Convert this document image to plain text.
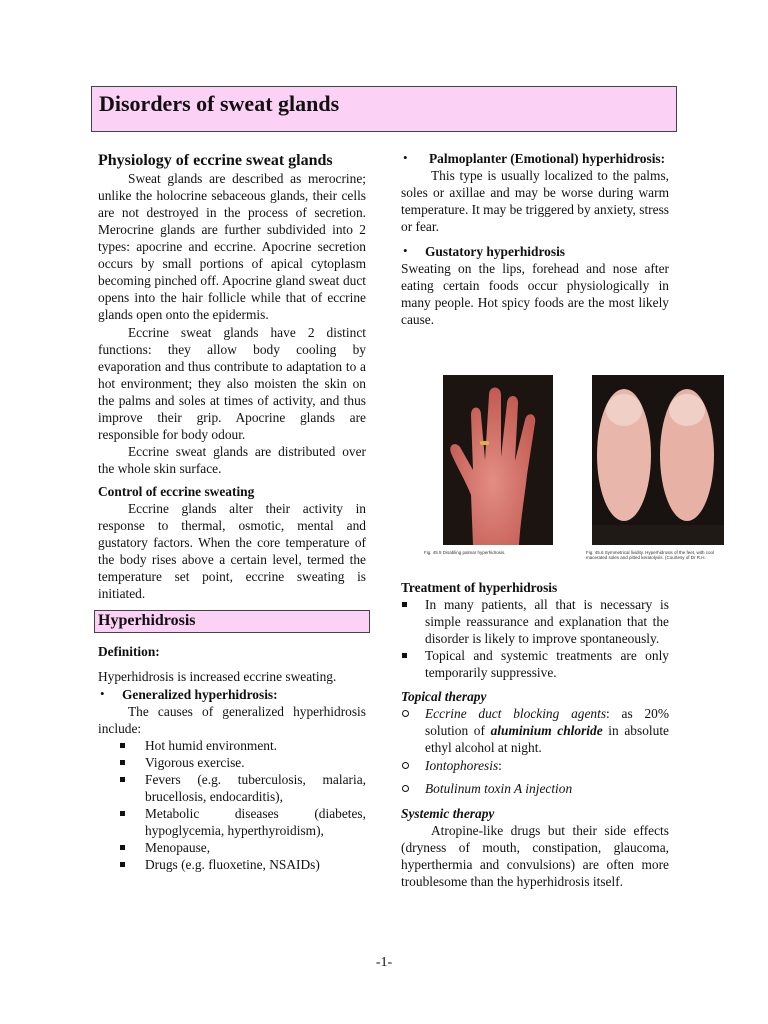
Disorders of sweat glands
Physiology of eccrine sweat glands

Sweat glands are described as merocrine; unlike the holocrine sebaceous glands, their cells are not destroyed in the process of secretion. Merocrine glands are further subdivided into 2 types: apocrine and eccrine. Apocrine secretion occurs by small portions of apical cytoplasm becoming pinched off. Apocrine gland sweat duct opens into the hair follicle while that of eccrine glands open onto the epidermis.

Eccrine sweat glands have 2 distinct functions: they allow body cooling by evaporation and thus contribute to adaptation to a hot environment; they also moisten the skin on the palms and soles at times of activity, and thus improve their grip. Apocrine glands are responsible for body odour.

Eccrine sweat glands are distributed over the whole skin surface.

Control of eccrine sweating

Eccrine glands alter their activity in response to thermal, osmotic, mental and gustatory factors. When the core temperature of the body rises above a certain level, termed the temperature set point, eccrine sweating is initiated.

Hyperhidrosis
Definition:

Hyperhidrosis is increased eccrine sweating.

• Generalized hyperhidrosis:

The causes of generalized hyperhidrosis include:

Hot humid environment.
Vigorous exercise.
Fevers (e.g. tuberculosis, malaria, brucellosis, endocarditis),
Metabolic diseases (diabetes, hypoglycemia, hyperthyroidism),
Menopause,
Drugs (e.g. fluoxetine, NSAIDs)
• Palmoplanter (Emotional) hyperhidrosis:

This type is usually localized to the palms, soles or axillae and may be worse during warm temperature. It may be triggered by anxiety, stress or fear.

• Gustatory hyperhidrosis

Sweating on the lips, forehead and nose after eating certain foods occur physiologically in many people. Hot spicy foods are the most likely cause.

Fig. 45.5 Disabling palmar hyperhidrosis.	Fig. 45.6 Symmetrical lividity. Hyperhidrosis of the feet, with cool macerated soles and pitted keratolysis. (Courtesy of Dr R.H.
Treatment of hyperhidrosis
In many patients, all that is necessary is simple reassurance and explanation that the disorder is likely to improve spontaneously.
Topical and systemic treatments are only temporarily suppressive.
Topical therapy
Eccrine duct blocking agents: as 20% solution of aluminium chloride in absolute ethyl alcohol at night.
Iontophoresis:
Botulinum toxin A injection
Systemic therapy

Atropine-like drugs but their side effects (dryness of mouth, constipation, glaucoma, hyperthermia and convulsions) are often more troublesome than the hyperhidrosis itself.

-1-
